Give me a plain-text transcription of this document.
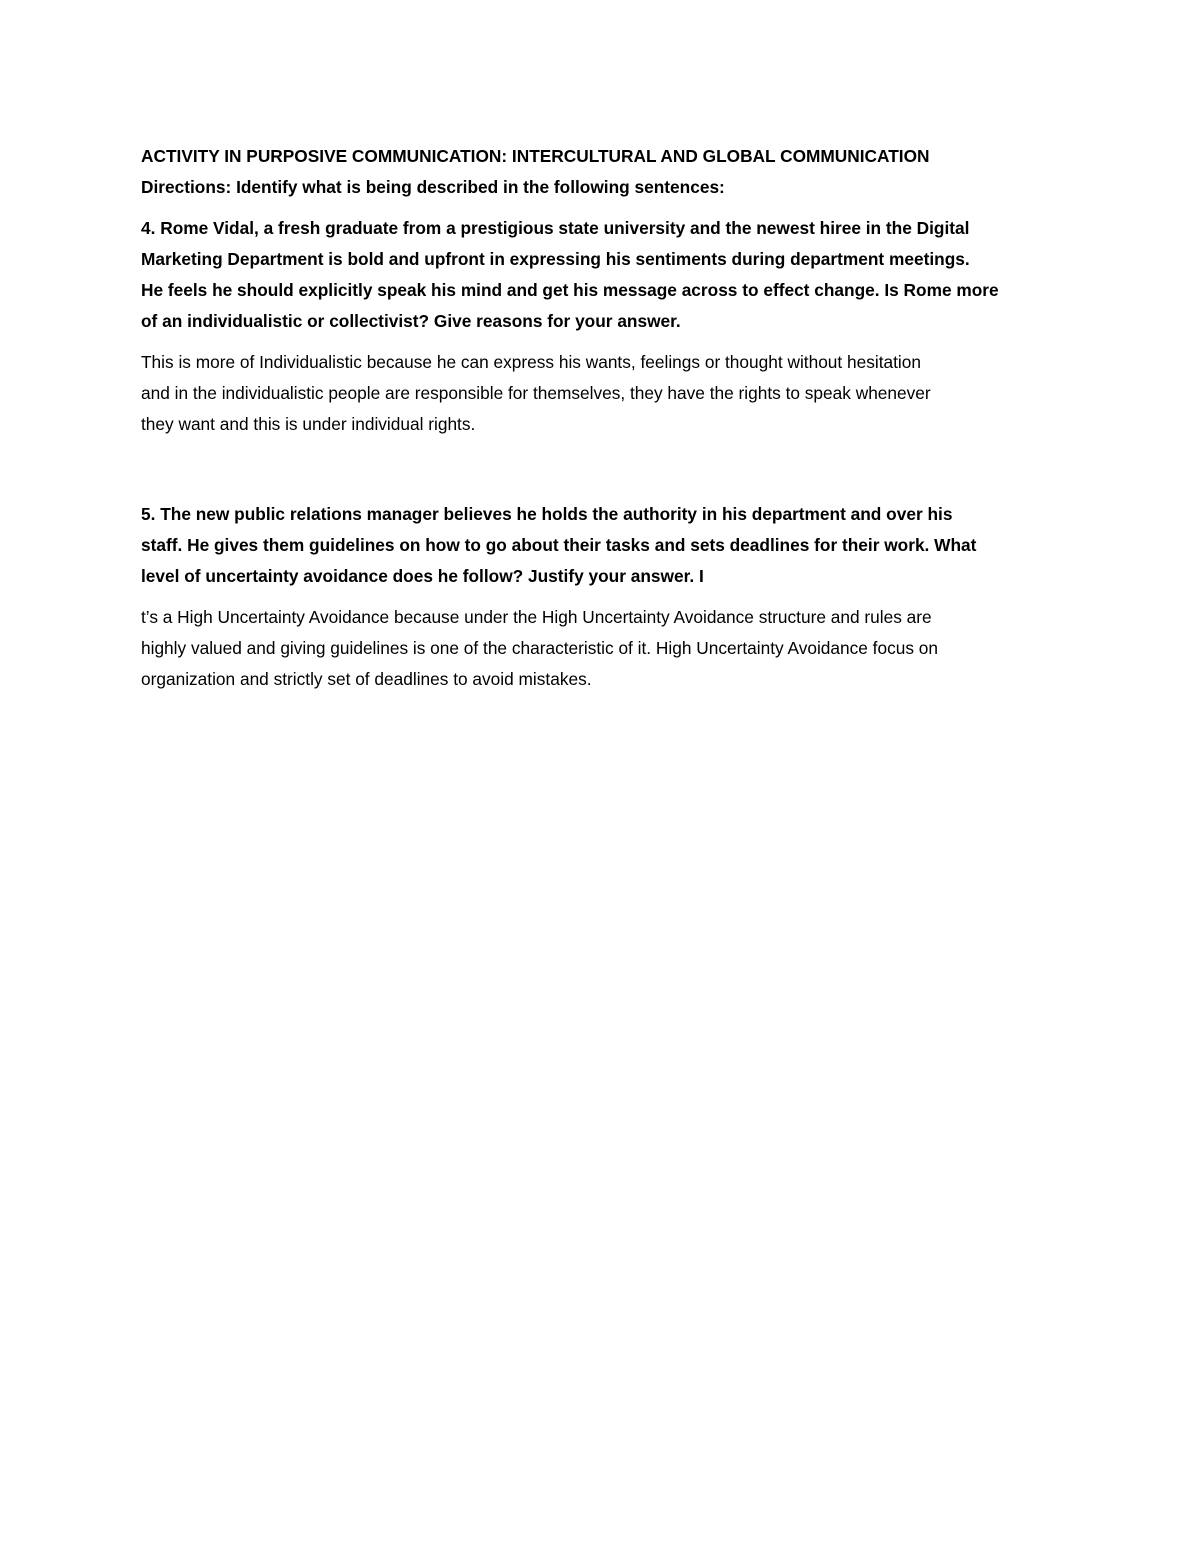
ACTIVITY IN PURPOSIVE COMMUNICATION: INTERCULTURAL AND GLOBAL COMMUNICATION

Directions: Identify what is being described in the following sentences:

4. Rome Vidal, a fresh graduate from a prestigious state university and the newest hiree in the Digital

Marketing Department is bold and upfront in expressing his sentiments during department meetings.

He feels he should explicitly speak his mind and get his message across to effect change. Is Rome more

of an individualistic or collectivist? Give reasons for your answer.

This is more of Individualistic because he can express his wants, feelings or thought without hesitation

and in the individualistic people are responsible for themselves, they have the rights to speak whenever

they want and this is under individual rights.

5. The new public relations manager believes he holds the authority in his department and over his

staff. He gives them guidelines on how to go about their tasks and sets deadlines for their work. What

level of uncertainty avoidance does he follow? Justify your answer. I

t’s a High Uncertainty Avoidance because under the High Uncertainty Avoidance structure and rules are

highly valued and giving guidelines is one of the characteristic of it. High Uncertainty Avoidance focus on

organization and strictly set of deadlines to avoid mistakes.
